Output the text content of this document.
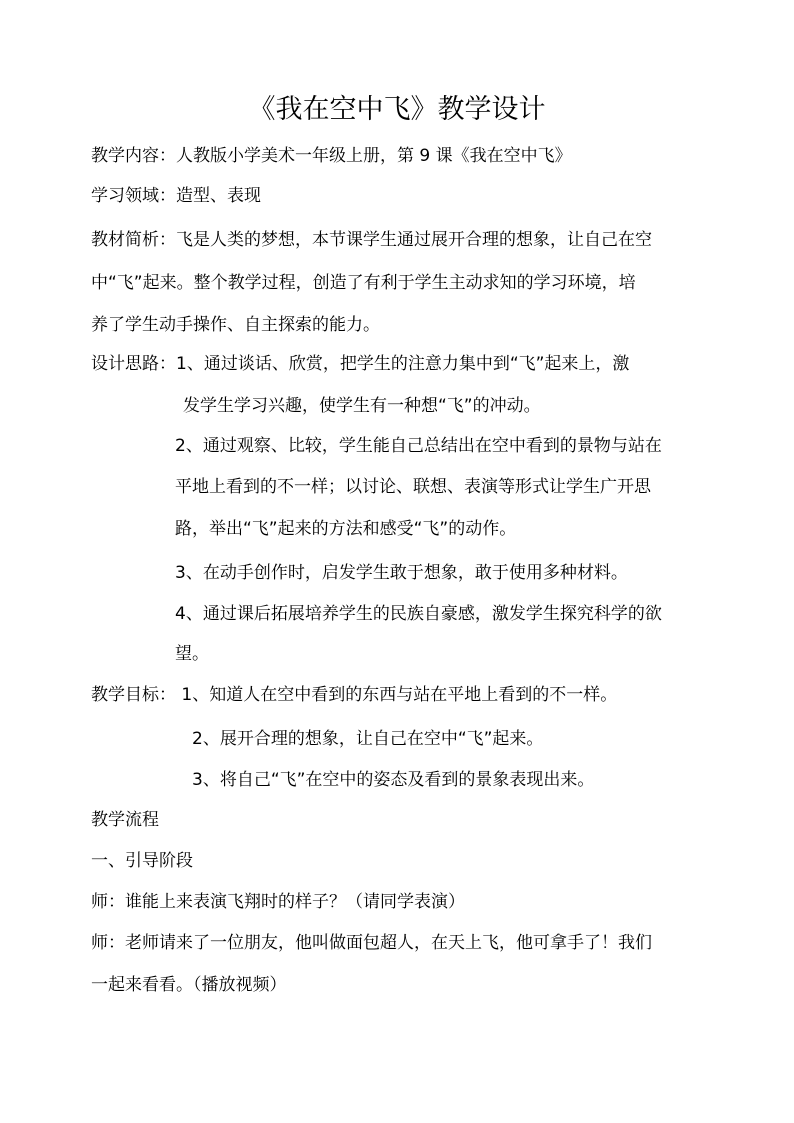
《我在空中飞》教学设计
教学内容：人教版小学美术一年级上册，第 9 课《我在空中飞》
学习领域：造型、表现
教材简析：飞是人类的梦想，本节课学生通过展开合理的想象，让自己在空
中“飞”起来。整个教学过程，创造了有利于学生主动求知的学习环境，培
养了学生动手操作、自主探索的能力。
设计思路：1、通过谈话、欣赏，把学生的注意力集中到“飞”起来上，激
发学生学习兴趣，使学生有一种想“飞”的冲动。
2、通过观察、比较，学生能自己总结出在空中看到的景物与站在
平地上看到的不一样；以讨论、联想、表演等形式让学生广开思
路，举出“飞”起来的方法和感受“飞”的动作。
3、在动手创作时，启发学生敢于想象，敢于使用多种材料。
4、通过课后拓展培养学生的民族自豪感，激发学生探究科学的欲
望。
教学目标： 1、知道人在空中看到的东西与站在平地上看到的不一样。
2、展开合理的想象，让自己在空中“飞”起来。
3、将自己“飞”在空中的姿态及看到的景象表现出来。
教学流程
一、引导阶段
师：谁能上来表演飞翔时的样子？（请同学表演）
师：老师请来了一位朋友，他叫做面包超人，在天上飞，他可拿手了！我们
一起来看看。（播放视频）
